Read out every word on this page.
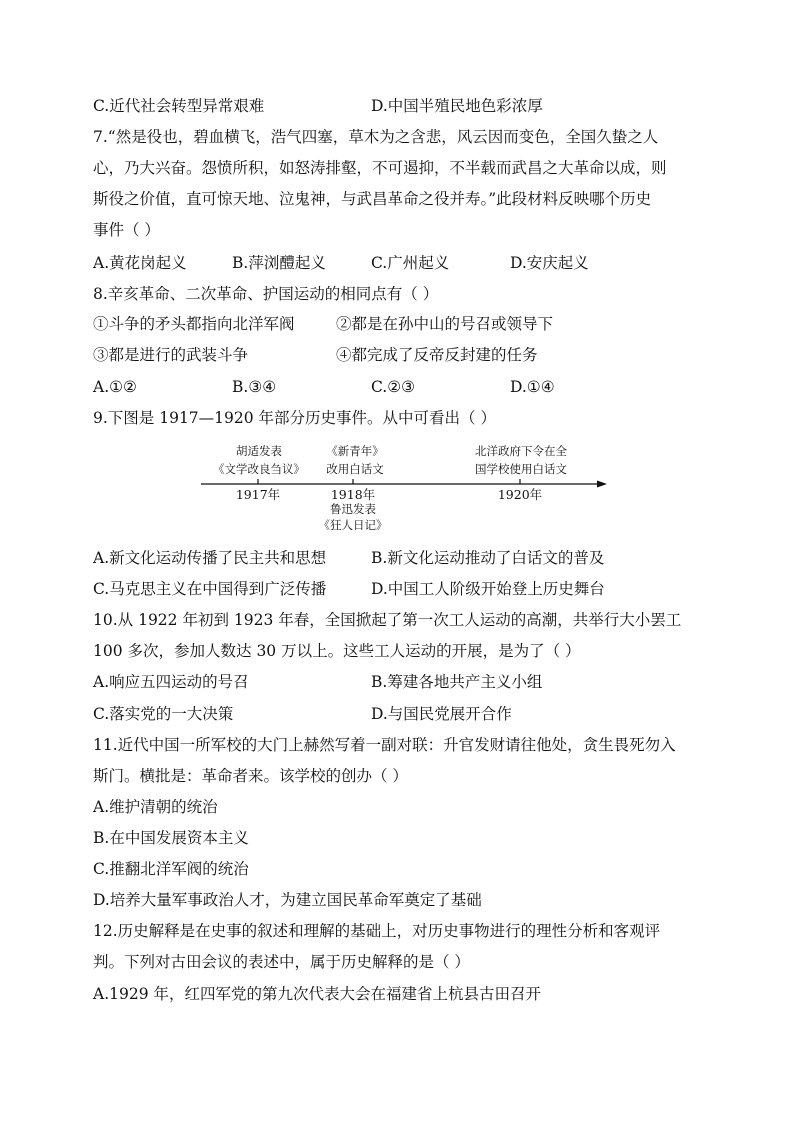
C.近代社会转型异常艰难	D.中国半殖民地色彩浓厚
7.“然是役也，碧血横飞，浩气四塞，草木为之含悲，风云因而变色，全国久蛰之人
心，乃大兴奋。怨愤所积，如怒涛排壑，不可遏抑，不半载而武昌之大革命以成，则
斯役之价值，直可惊天地、泣鬼神，与武昌革命之役并寿。”此段材料反映哪个历史
事件（ ）
A.黄花岗起义	B.萍浏醴起义	C.广州起义	D.安庆起义
8.辛亥革命、二次革命、护国运动的相同点有（ ）
①斗争的矛头都指向北洋军阀	②都是在孙中山的号召或领导下
③都是进行的武装斗争	④都完成了反帝反封建的任务
A.①②	B.③④	C.②③	D.①④
9.下图是 1917—1920 年部分历史事件。从中可看出（ ）
胡适发表
《文学改良刍议》
《新青年》
改用白话文
北洋政府下令在全
国学校使用白话文
1917年	1918年	1920年
鲁迅发表
《狂人日记》
A.新文化运动传播了民主共和思想	B.新文化运动推动了白话文的普及
C.马克思主义在中国得到广泛传播	D.中国工人阶级开始登上历史舞台
10.从 1922 年初到 1923 年春，全国掀起了第一次工人运动的高潮，共举行大小罢工
100 多次，参加人数达 30 万以上。这些工人运动的开展，是为了（ ）
A.响应五四运动的号召	B.筹建各地共产主义小组
C.落实党的一大决策	D.与国民党展开合作
11.近代中国一所军校的大门上赫然写着一副对联：升官发财请往他处，贪生畏死勿入
斯门。横批是：革命者来。该学校的创办（ ）
A.维护清朝的统治
B.在中国发展资本主义
C.推翻北洋军阀的统治
D.培养大量军事政治人才，为建立国民革命军奠定了基础
12.历史解释是在史事的叙述和理解的基础上，对历史事物进行的理性分析和客观评
判。下列对古田会议的表述中，属于历史解释的是（ ）
A.1929 年，红四军党的第九次代表大会在福建省上杭县古田召开
